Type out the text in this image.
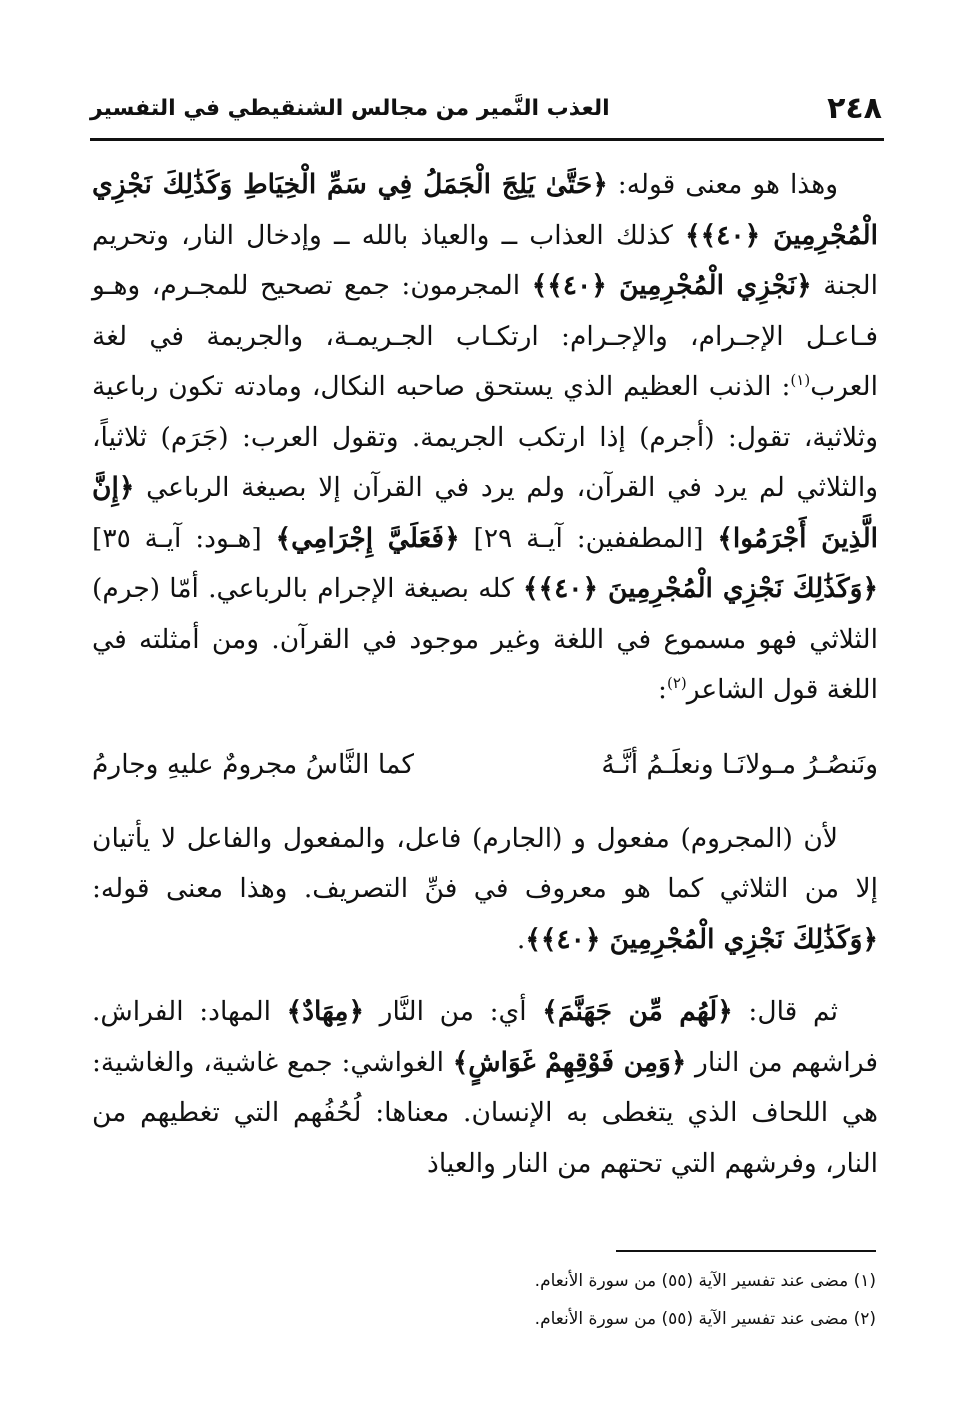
٢٤٨
العذب النَّمير من مجالس الشنقيطي في التفسير

وهذا هو معنى قوله: ﴿حَتَّىٰ يَلِجَ الْجَمَلُ فِي سَمِّ الْخِيَاطِ وَكَذَٰلِكَ نَجْزِي الْمُجْرِمِينَ ﴿٤٠﴾﴾ كذلك العذاب ــ والعياذ بالله ــ وإدخال النار، وتحريم الجنة ﴿نَجْزِي الْمُجْرِمِينَ ﴿٤٠﴾﴾ المجرمون: جمع تصحيح للمجـرم، وهـو فـاعـل الإجـرام، والإجـرام: ارتكـاب الجـريمـة، والجريمة في لغة العرب$^{(١)}$: الذنب العظيم الذي يستحق صاحبه النكال، ومادته تكون رباعية وثلاثية، تقول: (أجرم) إذا ارتكب الجريمة. وتقول العرب: (جَرَم) ثلاثياً، والثلاثي لم يرد في القرآن، ولم يرد في القرآن إلا بصيغة الرباعي ﴿إِنَّ الَّذِينَ أَجْرَمُوا﴾ [المطففين: آيـة ٢٩] ﴿فَعَلَيَّ إِجْرَامِي﴾ [هـود: آيـة ٣٥] ﴿وَكَذَٰلِكَ نَجْزِي الْمُجْرِمِينَ ﴿٤٠﴾﴾ كله بصيغة الإجرام بالرباعي. أمّا (جرم) الثلاثي فهو مسموع في اللغة وغير موجود في القرآن. ومن أمثلته في اللغة قول الشاعر$^{(٢)}$:

ونَنصُـرُ مـولانَـا ونعلَـمُ أنَّـهُ
كما النَّاسُ مجرومٌ عليهِ وجارمُ

لأن (المجروم) مفعول و (الجارم) فاعل، والمفعول والفاعل لا يأتيان إلا من الثلاثي كما هو معروف في فنِّ التصريف. وهذا معنى قوله: ﴿وَكَذَٰلِكَ نَجْزِي الْمُجْرِمِينَ ﴿٤٠﴾﴾.

ثم قال: ﴿لَهُم مِّن جَهَنَّمَ﴾ أي: من النَّار ﴿مِهَادٌ﴾ المهاد: الفراش. فراشهم من النار ﴿وَمِن فَوْقِهِمْ غَوَاشٍ﴾ الغواشي: جمع غاشية، والغاشية: هي اللحاف الذي يتغطى به الإنسان. معناها: لُحُفُهم التي تغطيهم من النار، وفرشهم التي تحتهم من النار والعياذ

(١) مضى عند تفسير الآية (٥٥) من سورة الأنعام.
(٢) مضى عند تفسير الآية (٥٥) من سورة الأنعام.
